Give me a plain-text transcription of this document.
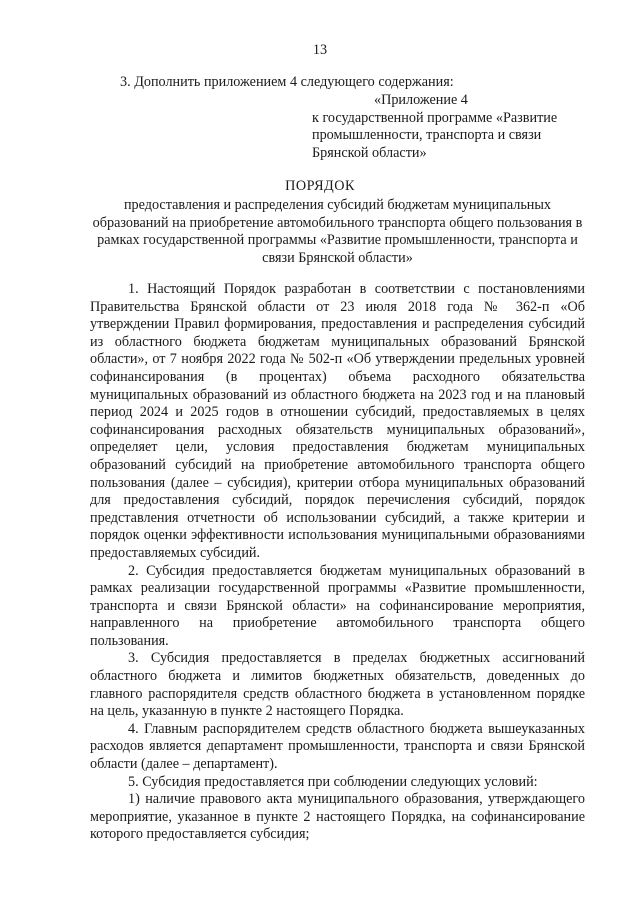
13
3. Дополнить приложением 4 следующего содержания:
«Приложение 4
к государственной программе «Развитие
промышленности, транспорта и связи
Брянской области»
ПОРЯДОК
предоставления и распределения субсидий бюджетам муниципальных образований на приобретение автомобильного транспорта общего пользования в рамках государственной программы «Развитие промышленности, транспорта и связи Брянской области»

1. Настоящий Порядок разработан в соответствии с постановлениями Правительства Брянской области от 23 июля 2018 года № 362-п «Об утверждении Правил формирования, предоставления и распределения субсидий из областного бюджета бюджетам муниципальных образований Брянской области», от 7 ноября 2022 года № 502-п «Об утверждении предельных уровней софинансирования (в процентах) объема расходного обязательства муниципальных образований из областного бюджета на 2023 год и на плановый период 2024 и 2025 годов в отношении субсидий, предоставляемых в целях софинансирования расходных обязательств муниципальных образований», определяет цели, условия предоставления бюджетам муниципальных образований субсидий на приобретение автомобильного транспорта общего пользования (далее – субсидия), критерии отбора муниципальных образований для предоставления субсидий, порядок перечисления субсидий, порядок представления отчетности об использовании субсидий, а также критерии и порядок оценки эффективности использования муниципальными образованиями предоставляемых субсидий.

2. Субсидия предоставляется бюджетам муниципальных образований в рамках реализации государственной программы «Развитие промышленности, транспорта и связи Брянской области» на софинансирование мероприятия, направленного на приобретение автомобильного транспорта общего пользования.

3. Субсидия предоставляется в пределах бюджетных ассигнований областного бюджета и лимитов бюджетных обязательств, доведенных до главного распорядителя средств областного бюджета в установленном порядке на цель, указанную в пункте 2 настоящего Порядка.

4. Главным распорядителем средств областного бюджета вышеуказанных расходов является департамент промышленности, транспорта и связи Брянской области (далее – департамент).

5. Субсидия предоставляется при соблюдении следующих условий:

1) наличие правового акта муниципального образования, утверждающего мероприятие, указанное в пункте 2 настоящего Порядка, на софинансирование которого предоставляется субсидия;
